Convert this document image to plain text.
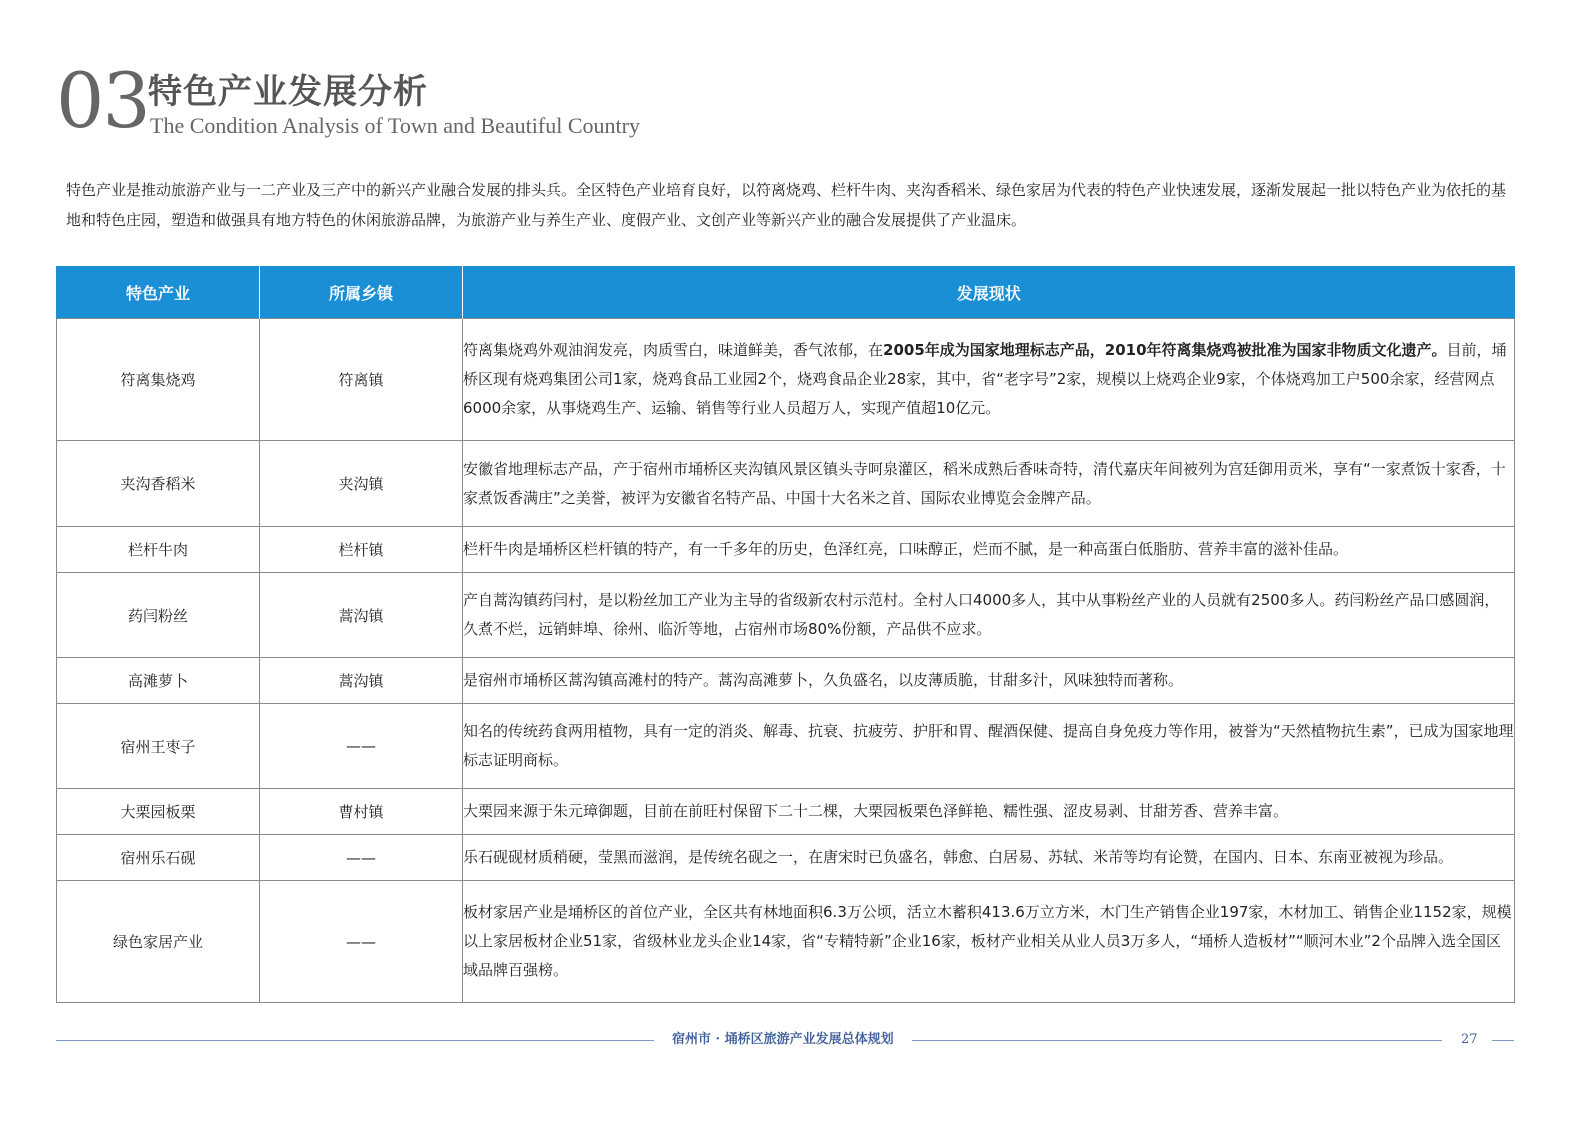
03 特色产业发展分析
The Condition Analysis of Town and Beautiful Country
特色产业是推动旅游产业与一二产业及三产中的新兴产业融合发展的排头兵。全区特色产业培育良好，以符离烧鸡、栏杆牛肉、夹沟香稻米、绿色家居为代表的特色产业快速发展，逐渐发展起一批以特色产业为依托的基地和特色庄园，塑造和做强具有地方特色的休闲旅游品牌，为旅游产业与养生产业、度假产业、文创产业等新兴产业的融合发展提供了产业温床。
特色产业	所属乡镇	发展现状
符离集烧鸡	符离镇	符离集烧鸡外观油润发亮，肉质雪白，味道鲜美，香气浓郁，在2005年成为国家地理标志产品，2010年符离集烧鸡被批准为国家非物质文化遗产。目前，埇桥区现有烧鸡集团公司1家，烧鸡食品工业园2个，烧鸡食品企业28家，其中，省“老字号”2家，规模以上烧鸡企业9家，个体烧鸡加工户500余家，经营网点6000余家，从事烧鸡生产、运输、销售等行业人员超万人，实现产值超10亿元。
夹沟香稻米	夹沟镇	安徽省地理标志产品，产于宿州市埇桥区夹沟镇风景区镇头寺呵泉灌区，稻米成熟后香味奇特，清代嘉庆年间被列为宫廷御用贡米，享有“一家煮饭十家香，十家煮饭香满庄”之美誉，被评为安徽省名特产品、中国十大名米之首、国际农业博览会金牌产品。
栏杆牛肉	栏杆镇	栏杆牛肉是埇桥区栏杆镇的特产，有一千多年的历史，色泽红亮，口味醇正，烂而不腻，是一种高蛋白低脂肪、营养丰富的滋补佳品。
药闫粉丝	蒿沟镇	产自蒿沟镇药闫村，是以粉丝加工产业为主导的省级新农村示范村。全村人口4000多人，其中从事粉丝产业的人员就有2500多人。药闫粉丝产品口感圆润，久煮不烂，远销蚌埠、徐州、临沂等地，占宿州市场80%份额，产品供不应求。
高滩萝卜	蒿沟镇	是宿州市埇桥区蒿沟镇高滩村的特产。蒿沟高滩萝卜，久负盛名，以皮薄质脆，甘甜多汁，风味独特而著称。
宿州王枣子	——	知名的传统药食两用植物，具有一定的消炎、解毒、抗衰、抗疲劳、护肝和胃、醒酒保健、提高自身免疫力等作用，被誉为“天然植物抗生素”，已成为国家地理标志证明商标。
大栗园板栗	曹村镇	大栗园来源于朱元璋御题，目前在前旺村保留下二十二棵，大栗园板栗色泽鲜艳、糯性强、涩皮易剥、甘甜芳香、营养丰富。
宿州乐石砚	——	乐石砚砚材质稍硬，莹黑而滋润，是传统名砚之一，在唐宋时已负盛名，韩愈、白居易、苏轼、米芾等均有论赞，在国内、日本、东南亚被视为珍品。
绿色家居产业	——	板材家居产业是埇桥区的首位产业，全区共有林地面积6.3万公顷，活立木蓄积413.6万立方米，木门生产销售企业197家，木材加工、销售企业1152家，规模以上家居板材企业51家，省级林业龙头企业14家，省“专精特新”企业16家，板材产业相关从业人员3万多人，“埇桥人造板材”“顺河木业”2个品牌入选全国区域品牌百强榜。
宿州市 · 埇桥区旅游产业发展总体规划	27
